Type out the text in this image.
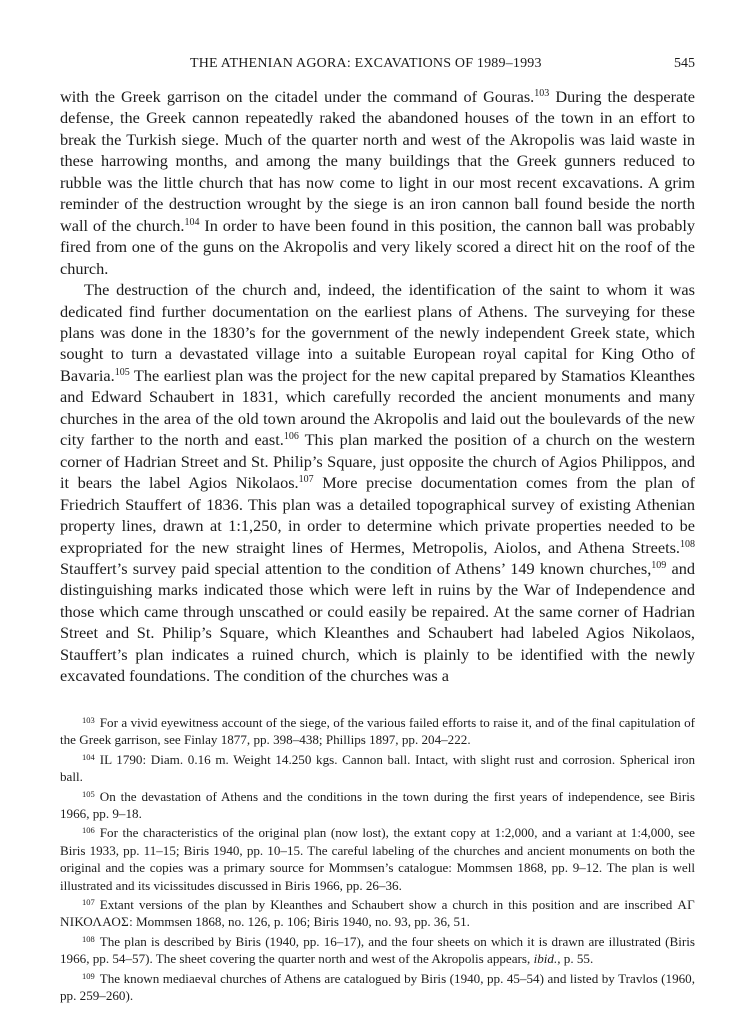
THE ATHENIAN AGORA: EXCAVATIONS OF 1989–1993	545

with the Greek garrison on the citadel under the command of Gouras.$^{103}$ During the desperate defense, the Greek cannon repeatedly raked the abandoned houses of the town in an effort to break the Turkish siege. Much of the quarter north and west of the Akropolis was laid waste in these harrowing months, and among the many buildings that the Greek gunners reduced to rubble was the little church that has now come to light in our most recent excavations. A grim reminder of the destruction wrought by the siege is an iron cannon ball found beside the north wall of the church.$^{104}$ In order to have been found in this position, the cannon ball was probably fired from one of the guns on the Akropolis and very likely scored a direct hit on the roof of the church.

The destruction of the church and, indeed, the identification of the saint to whom it was dedicated find further documentation on the earliest plans of Athens. The surveying for these plans was done in the 1830’s for the government of the newly independent Greek state, which sought to turn a devastated village into a suitable European royal capital for King Otho of Bavaria.$^{105}$ The earliest plan was the project for the new capital prepared by Stamatios Kleanthes and Edward Schaubert in 1831, which carefully recorded the ancient monuments and many churches in the area of the old town around the Akropolis and laid out the boulevards of the new city farther to the north and east.$^{106}$ This plan marked the position of a church on the western corner of Hadrian Street and St. Philip’s Square, just opposite the church of Agios Philippos, and it bears the label Agios Nikolaos.$^{107}$ More precise documentation comes from the plan of Friedrich Stauffert of 1836. This plan was a detailed topographical survey of existing Athenian property lines, drawn at 1:1,250, in order to determine which private properties needed to be expropriated for the new straight lines of Hermes, Metropolis, Aiolos, and Athena Streets.$^{108}$ Stauffert’s survey paid special attention to the condition of Athens’ 149 known churches,$^{109}$ and distinguishing marks indicated those which were left in ruins by the War of Independence and those which came through unscathed or could easily be repaired. At the same corner of Hadrian Street and St. Philip’s Square, which Kleanthes and Schaubert had labeled Agios Nikolaos, Stauffert’s plan indicates a ruined church, which is plainly to be identified with the newly excavated foundations. The condition of the churches was a

$^{103}$ For a vivid eyewitness account of the siege, of the various failed efforts to raise it, and of the final capitulation of the Greek garrison, see Finlay 1877, pp. 398–438; Phillips 1897, pp. 204–222.

$^{104}$ IL 1790: Diam. 0.16 m. Weight 14.250 kgs. Cannon ball. Intact, with slight rust and corrosion. Spherical iron ball.

$^{105}$ On the devastation of Athens and the conditions in the town during the first years of independence, see Biris 1966, pp. 9–18.

$^{106}$ For the characteristics of the original plan (now lost), the extant copy at 1:2,000, and a variant at 1:4,000, see Biris 1933, pp. 11–15; Biris 1940, pp. 10–15. The careful labeling of the churches and ancient monuments on both the original and the copies was a primary source for Mommsen’s catalogue: Mommsen 1868, pp. 9–12. The plan is well illustrated and its vicissitudes discussed in Biris 1966, pp. 26–36.

$^{107}$ Extant versions of the plan by Kleanthes and Schaubert show a church in this position and are inscribed ΑΓ ΝΙΚΟΛΑΟΣ: Mommsen 1868, no. 126, p. 106; Biris 1940, no. 93, pp. 36, 51.

$^{108}$ The plan is described by Biris (1940, pp. 16–17), and the four sheets on which it is drawn are illustrated (Biris 1966, pp. 54–57). The sheet covering the quarter north and west of the Akropolis appears, ibid., p. 55.

$^{109}$ The known mediaeval churches of Athens are catalogued by Biris (1940, pp. 45–54) and listed by Travlos (1960, pp. 259–260).
